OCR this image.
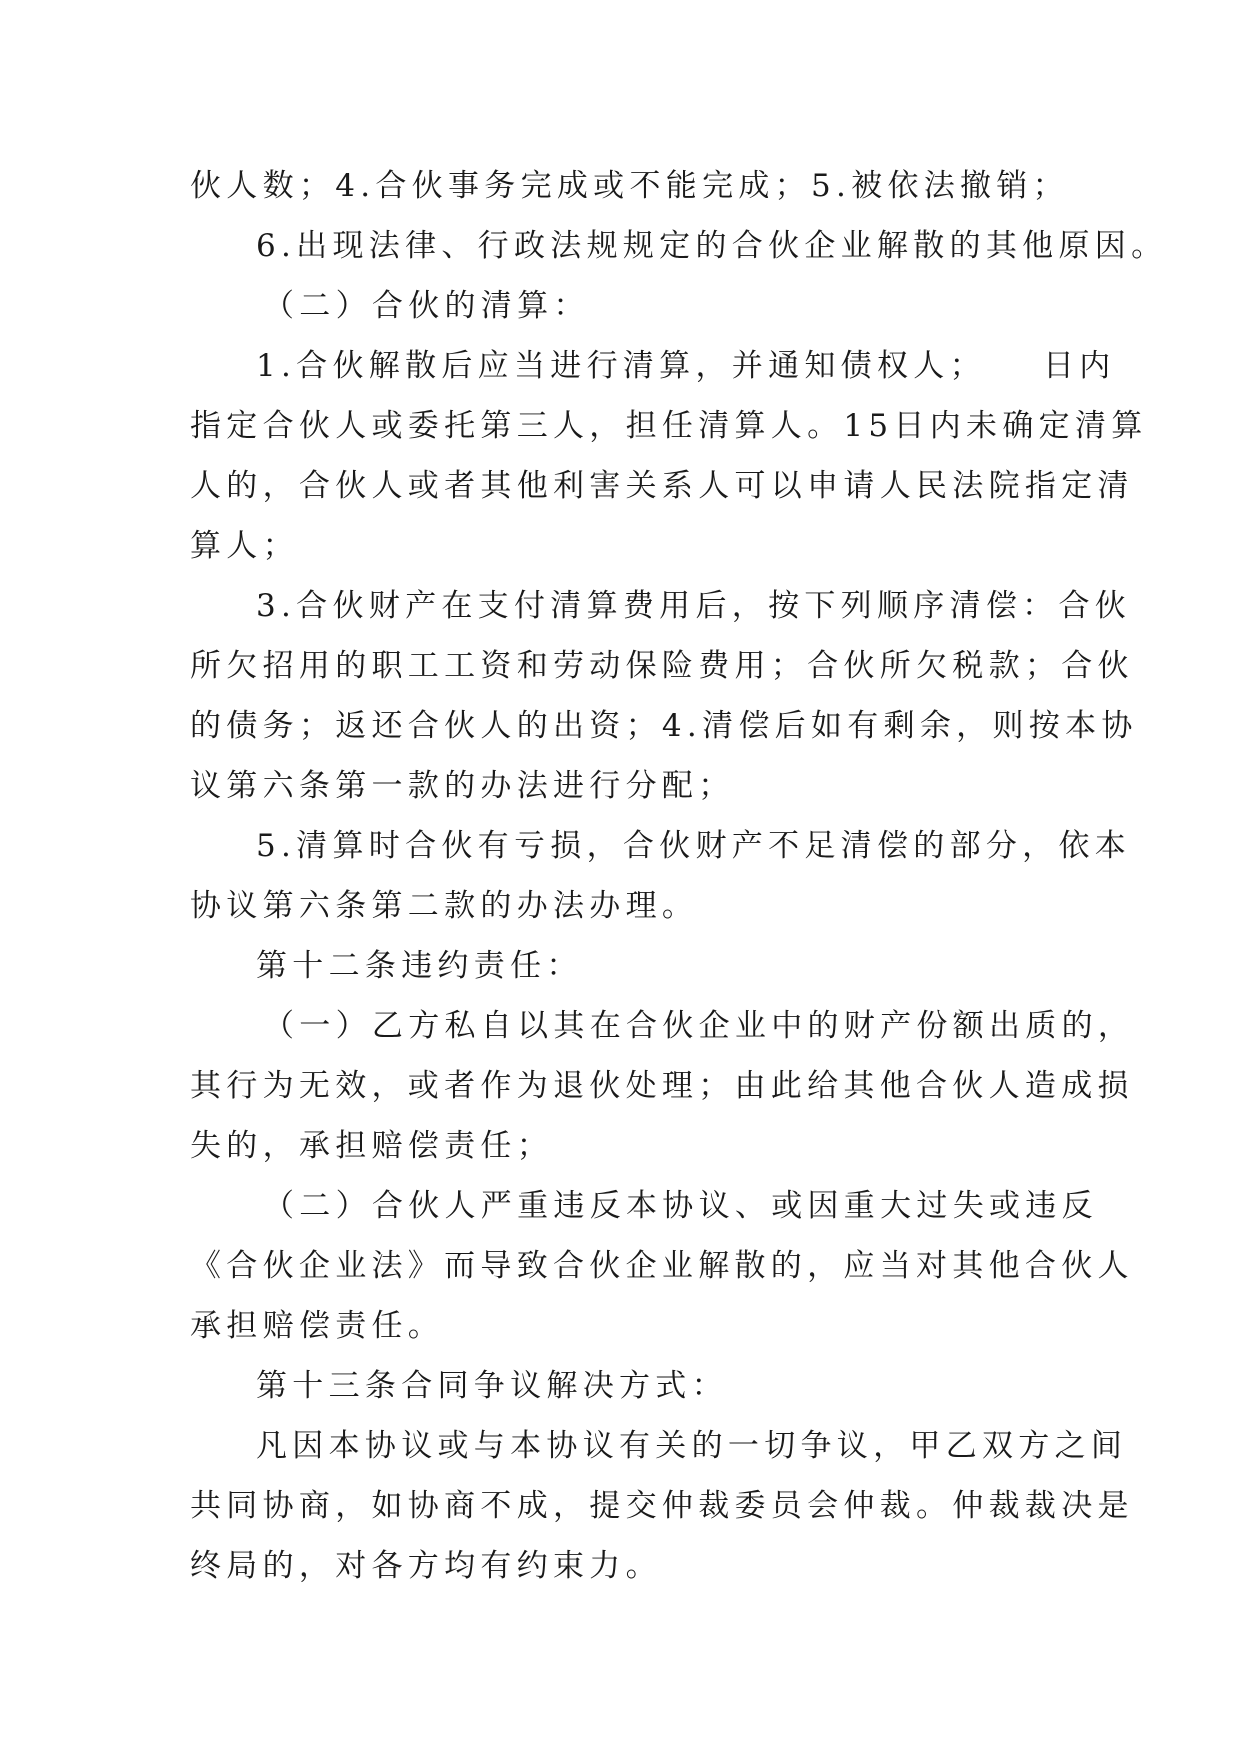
伙人数；4.合伙事务完成或不能完成；5.被依法撤销；
6.出现法律、行政法规规定的合伙企业解散的其他原因。
（二）合伙的清算：
1.合伙解散后应当进行清算，并通知债权人；　　日内
指定合伙人或委托第三人，担任清算人。15日内未确定清算
人的，合伙人或者其他利害关系人可以申请人民法院指定清
算人；
3.合伙财产在支付清算费用后，按下列顺序清偿：合伙
所欠招用的职工工资和劳动保险费用；合伙所欠税款；合伙
的债务；返还合伙人的出资；4.清偿后如有剩余，则按本协
议第六条第一款的办法进行分配；
5.清算时合伙有亏损，合伙财产不足清偿的部分，依本
协议第六条第二款的办法办理。
第十二条违约责任：
（一）乙方私自以其在合伙企业中的财产份额出质的，
其行为无效，或者作为退伙处理；由此给其他合伙人造成损
失的，承担赔偿责任；
（二）合伙人严重违反本协议、或因重大过失或违反
《合伙企业法》而导致合伙企业解散的，应当对其他合伙人
承担赔偿责任。
第十三条合同争议解决方式：
凡因本协议或与本协议有关的一切争议，甲乙双方之间
共同协商，如协商不成，提交仲裁委员会仲裁。仲裁裁决是
终局的，对各方均有约束力。
